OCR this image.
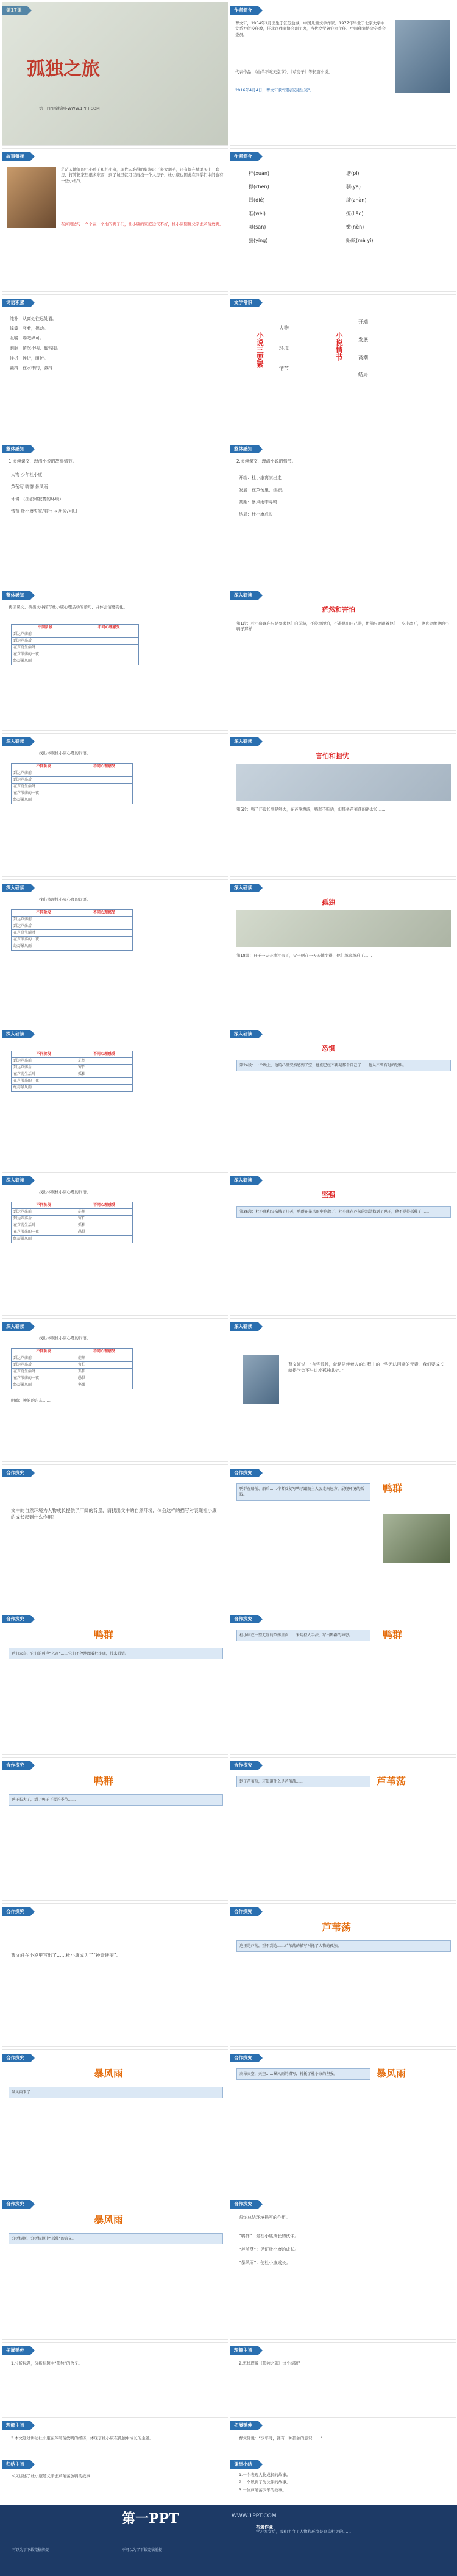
第17课
孤独之旅
第一PPT模板网-WWW.1PPT.COM
作者简介
曹文轩，1954年1月出生于江苏盐城，中国儿童文学作家。1977年毕业于北京大学中文系并留校任教，任北京作家协会副主席，当代文学研究室主任、中国作家协会全委会委员。
代表作品：《山羊不吃天堂草》、《草房子》等长篇小说。
2016年4月4日，曹文轩获“国际安徒生奖”。
故事链接
茫茫天地间的小小鸭子和杜小康，现代人难得的好游玩了多大羽毛，还有好在城里买上一套房，打算把家里很多东西，到了城里就可以再投一个大房子，杜小康也因此在同学们中间也有一些小名气……
在河湾边与一个个在一个地的鸭子们，杜小康的家庭运气不好，杜小康随他父亲去芦荡放鸭。
作者简介
秆(xuán)	塘(pǐ)
撑(chēn)	驯(yā)
凹(dié)	绽(zhàn)
唯(wéi)	撩(liǎo)
嗔(sān)	嫩(nèn)
萤(yíng)	蚂蚁(mǎ yǐ)
词语积累
纯朴：从离处往远处看。
撑篙：竖着，撑动。
咀嚼：嚼吧碎可。
驯服：情况不明，旋转刚。
挫折：挫折，阻折。
颤抖：在水中的，激抖
文学常识
小说三要素
人物
环境
情节
小说情节
开端
发展
高潮
结局
整体感知
1.阅读课文，理清小说的故事情节。
人物 少年杜小康
芦荡写 鸭群 暴风雨
环境 （孤独和寂寞的环境）
情节 杜小康失家/前行 → 历险/回归
整体感知
2.阅读课文，理清小说的情节。
开端：杜小康离家出走
发展：在芦荡里，孤独。
高潮：暴风雨中寻鸭
结局：杜小康成长
整体感知
再读课文，找出文中描写杜小康心理活动的语句，并体会情感变化。
不同阶段	不同心理感受
到达芦荡前	
到达芦荡后	
在芦荡生活时	
在芦苇荡的一夜	
经历暴风雨	
深入研读
茫然和害怕
第1段：杜小康现在只是要求他们向前游，不停地漂泊，不准他们自己游，仿佛只要跟着他们一步步离开，他也会像他的小鸭子那样……
深入研读
找出体现杜小康心理的词语。
不同阶段	不同心理感受
到达芦荡前	
到达芦荡后	
在芦荡生活时	
在芦苇荡的一夜	
经历暴风雨	
深入研读
害怕和担忧
第5段：鸭子还没长到足够大，在芦荡漂游，鸭群不听话，但那条芦苇荡的路太长……
深入研读
找出体现杜小康心理的词语。
不同阶段	不同心理感受
到达芦荡前	
到达芦荡后	
在芦荡生活时	
在芦苇荡的一夜	
经历暴风雨	
深入研读
孤独
第18段：日子一天天地过去了，父子俩在一天天地变得，他们越来越难了……
深入研读
不同阶段	不同心理感受
到达芦荡前	茫然
到达芦荡后	害怕
在芦荡生活时	孤独
在芦苇荡的一夜	
经历暴风雨	
深入研读
恐惧
第24段：一个晚上，他的心里突然感到了空，他们已经不再是那个自己了……他从不曾有过的恐惧。
深入研读
找出体现杜小康心理的词语。
不同阶段	不同心理感受
到达芦荡前	茫然
到达芦荡后	害怕
在芦荡生活时	孤独
在芦苇荡的一夜	恐惧
经历暴风雨	
深入研读
坚强
第36段：杜小康和父亲找了几天，鸭群在暴风雨中跑散了。杜小康在芦荡的深处找到了鸭子，他不觉得孤独了……
深入研读
找出体现杜小康心理的词语。
不同阶段	不同心理感受
到达芦荡前	茫然
到达芦荡后	害怕
在芦荡生活时	孤独
在芦苇荡的一夜	恐惧
经历暴风雨	坚强
明确：神韵的东东……
深入研读
曹文轩说：“有些孤独，就是陪伴着人的过程中的一些无法回避的元素，我们要成长就得学会不与过度孤独共处。”
合作探究
文中的自然环境为人物成长提供了广阔的背景，请找出文中的自然环境，体会这样的描写对表现杜小康的成长起到什么作用？
合作探究
鸭群
鸭群在船前、船后……作者反复写鸭子跟随主人公走向远方，展现环境的孤寂。
合作探究
鸭群
鸭们大喜，它们的叫声“兴奋”……它们不停地跟着杜小康，带来希望。
合作探究
鸭群
杜小康在一望无际的芦荡里面……采用拟人手法，写出鸭群的神态。
合作探究
鸭群
鸭子长大了，到了鸭子下蛋的季节……
合作探究
芦苇荡
到了芦苇荡，才知道什么是芦苇荡……
合作探究
曹文轩在小说里写出了……杜小康成为了“神奇转变”。
合作探究
芦苇荡
这里是芦荡，望不到边……芦苇荡的描写衬托了人物的孤独。
合作探究
暴风雨
暴风雨来了……
合作探究
暴风雨
高昂天空，天空……暴风雨的描写，衬托了杜小康的坚强。
合作探究
暴风雨
分析标题，分析标题中“孤独”的含义。
合作探究
归纳总结环境描写的作用。
“鸭群”：是杜小康成长的伙伴。
“芦苇荡”：见证杜小康的成长。
“暴风雨”：使杜小康成长。
拓展延伸
1.分析标题，分析标题中“孤独”的含义。
理解主旨
2.怎样理解《孤独之旅》这个标题？
理解主旨
3.本文通过讲述杜小康在芦苇荡放鸭的经历，体现了杜小康在孤独中成长的主题。
归纳主旨
本文讲述了杜小康随父亲去芦苇荡放鸭的故事……
拓展延伸
曹文轩说：“少年时，就有一种孤独的意识……”
课堂小结
1.一个表现人物成长的故事。
2.一个以鸭子为伙伴的故事。
3.一位芦苇荡少年的故事。
第一PPT	WWW.1PPT.COM
学习本文后，我们明白了人物和环境是息息相关的……
布置作业
可以为了下载完稿前提	不可以为了下载完稿前提
